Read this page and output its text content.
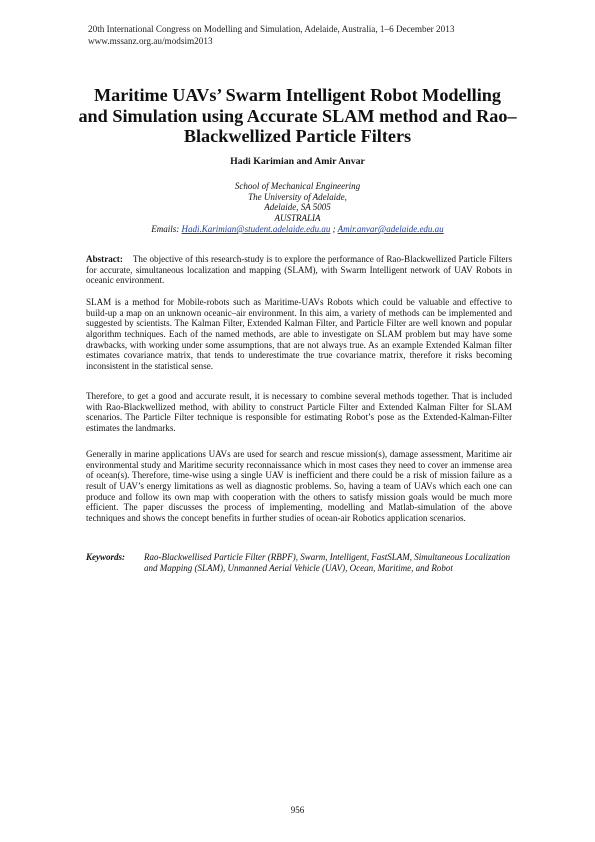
20th International Congress on Modelling and Simulation, Adelaide, Australia, 1–6 December 2013
www.mssanz.org.au/modsim2013
Maritime UAVs’ Swarm Intelligent Robot Modelling
and Simulation using Accurate SLAM method and Rao–
Blackwellized Particle Filters
Hadi Karimian and Amir Anvar
School of Mechanical Engineering
The University of Adelaide,
Adelaide, SA 5005
AUSTRALIA
Emails: Hadi.Karimian@student.adelaide.edu.au ; Amir.anvar@adelaide.edu.au
Abstract: The objective of this research-study is to explore the performance of Rao-Blackwellized Particle Filters for accurate, simultaneous localization and mapping (SLAM), with Swarm Intelligent network of UAV Robots in oceanic environment.
SLAM is a method for Mobile-robots such as Maritime-UAVs Robots which could be valuable and effective to build-up a map on an unknown oceanic–air environment. In this aim, a variety of methods can be implemented and suggested by scientists. The Kalman Filter, Extended Kalman Filter, and Particle Filter are well known and popular algorithm techniques. Each of the named methods, are able to investigate on SLAM problem but may have some drawbacks, with working under some assumptions, that are not always true. As an example Extended Kalman filter estimates covariance matrix, that tends to underestimate the true covariance matrix, therefore it risks becoming inconsistent in the statistical sense.
Therefore, to get a good and accurate result, it is necessary to combine several methods together. That is included with Rao-Blackwellized method, with ability to construct Particle Filter and Extended Kalman Filter for SLAM scenarios. The Particle Filter technique is responsible for estimating Robot’s pose as the Extended-Kalman-Filter estimates the landmarks.
Generally in marine applications UAVs are used for search and rescue mission(s), damage assessment, Maritime air environmental study and Maritime security reconnaissance which in most cases they need to cover an immense area of ocean(s). Therefore, time-wise using a single UAV is inefficient and there could be a risk of mission failure as a result of UAV’s energy limitations as well as diagnostic problems. So, having a team of UAVs which each one can produce and follow its own map with cooperation with the others to satisfy mission goals would be much more efficient. The paper discusses the process of implementing, modelling and Matlab-simulation of the above techniques and shows the concept benefits in further studies of ocean-air Robotics application scenarios.
Keywords: Rao-Blackwellised Particle Filter (RBPF), Swarm, Intelligent, FastSLAM, Simultaneous Localization and Mapping (SLAM), Unmanned Aerial Vehicle (UAV), Ocean, Maritime, and Robot
956
